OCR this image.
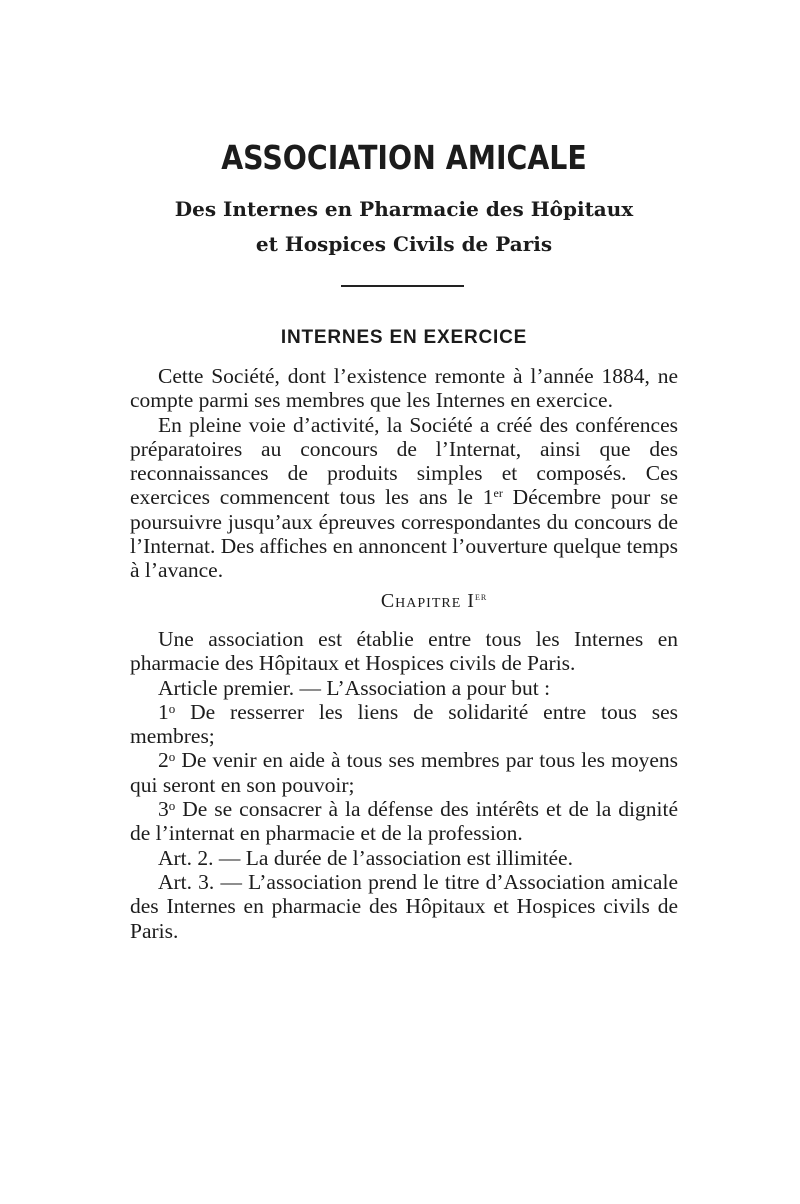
ASSOCIATION AMICALE
Des Internes en Pharmacie des Hôpitaux
et Hospices Civils de Paris
INTERNES EN EXERCICE

Cette Société, dont l’existence remonte à l’année 1884, ne compte parmi ses membres que les Internes en exercice.

En pleine voie d’activité, la Société a créé des conférences préparatoires au concours de l’Internat, ainsi que des reconnaissances de produits simples et composés. Ces exercices commencent tous les ans le 1er Décembre pour se poursuivre jusqu’aux épreuves correspondantes du concours de l’Internat. Des affiches en annoncent l’ouverture quelque temps à l’avance.

Chapitre Ier

Une association est établie entre tous les Internes en pharmacie des Hôpitaux et Hospices civils de Paris.

Article premier. — L’Association a pour but :

1$^o$ De resserrer les liens de solidarité entre tous ses membres;

2$^o$ De venir en aide à tous ses membres par tous les moyens qui seront en son pouvoir;

3$^o$ De se consacrer à la défense des intérêts et de la dignité de l’internat en pharmacie et de la profession.

Art. 2. — La durée de l’association est illimitée.

Art. 3. — L’association prend le titre d’Association amicale des Internes en pharmacie des Hôpitaux et Hospices civils de Paris.
